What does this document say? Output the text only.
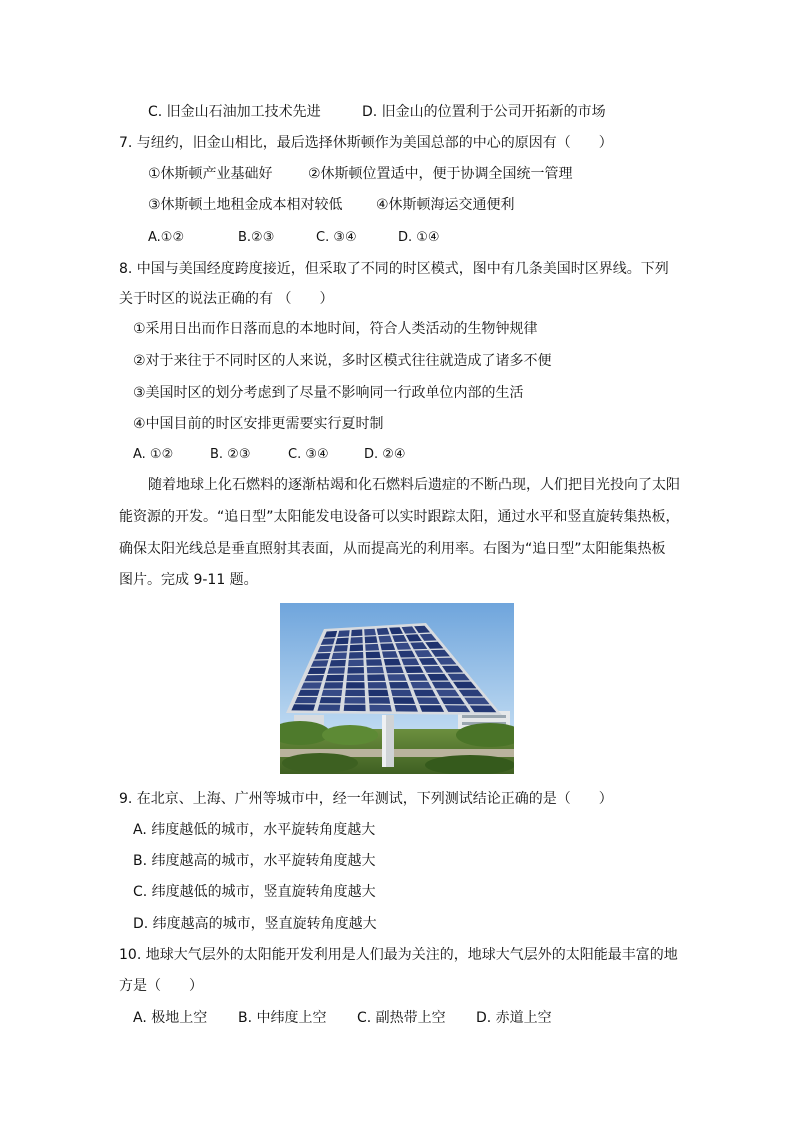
C. 旧金山石油加工技术先进	D. 旧金山的位置利于公司开拓新的市场
7. 与纽约，旧金山相比，最后选择休斯顿作为美国总部的中心的原因有（　　）
①休斯顿产业基础好	②休斯顿位置适中，便于协调全国统一管理
③休斯顿土地租金成本相对较低 ④休斯顿海运交通便利
A.①②	B.②③	C. ③④	D. ①④
8. 中国与美国经度跨度接近，但采取了不同的时区模式，图中有几条美国时区界线。下列
关于时区的说法正确的有 （　　）
①采用日出而作日落而息的本地时间，符合人类活动的生物钟规律
②对于来往于不同时区的人来说，多时区模式往往就造成了诸多不便
③美国时区的划分考虑到了尽量不影响同一行政单位内部的生活
④中国目前的时区安排更需要实行夏时制
A. ①②	B. ②③	C. ③④	D. ②④
随着地球上化石燃料的逐渐枯竭和化石燃料后遗症的不断凸现，人们把目光投向了太阳
能资源的开发。“追日型”太阳能发电设备可以实时跟踪太阳，通过水平和竖直旋转集热板，
确保太阳光线总是垂直照射其表面，从而提高光的利用率。右图为“追日型”太阳能集热板
图片。完成 9-11 题。
9. 在北京、上海、广州等城市中，经一年测试，下列测试结论正确的是（　　）
A. 纬度越低的城市，水平旋转角度越大
B. 纬度越高的城市，水平旋转角度越大
C. 纬度越低的城市，竖直旋转角度越大
D. 纬度越高的城市，竖直旋转角度越大
10. 地球大气层外的太阳能开发利用是人们最为关注的，地球大气层外的太阳能最丰富的地
方是（　　）
A. 极地上空 B. 中纬度上空 C. 副热带上空 D. 赤道上空
